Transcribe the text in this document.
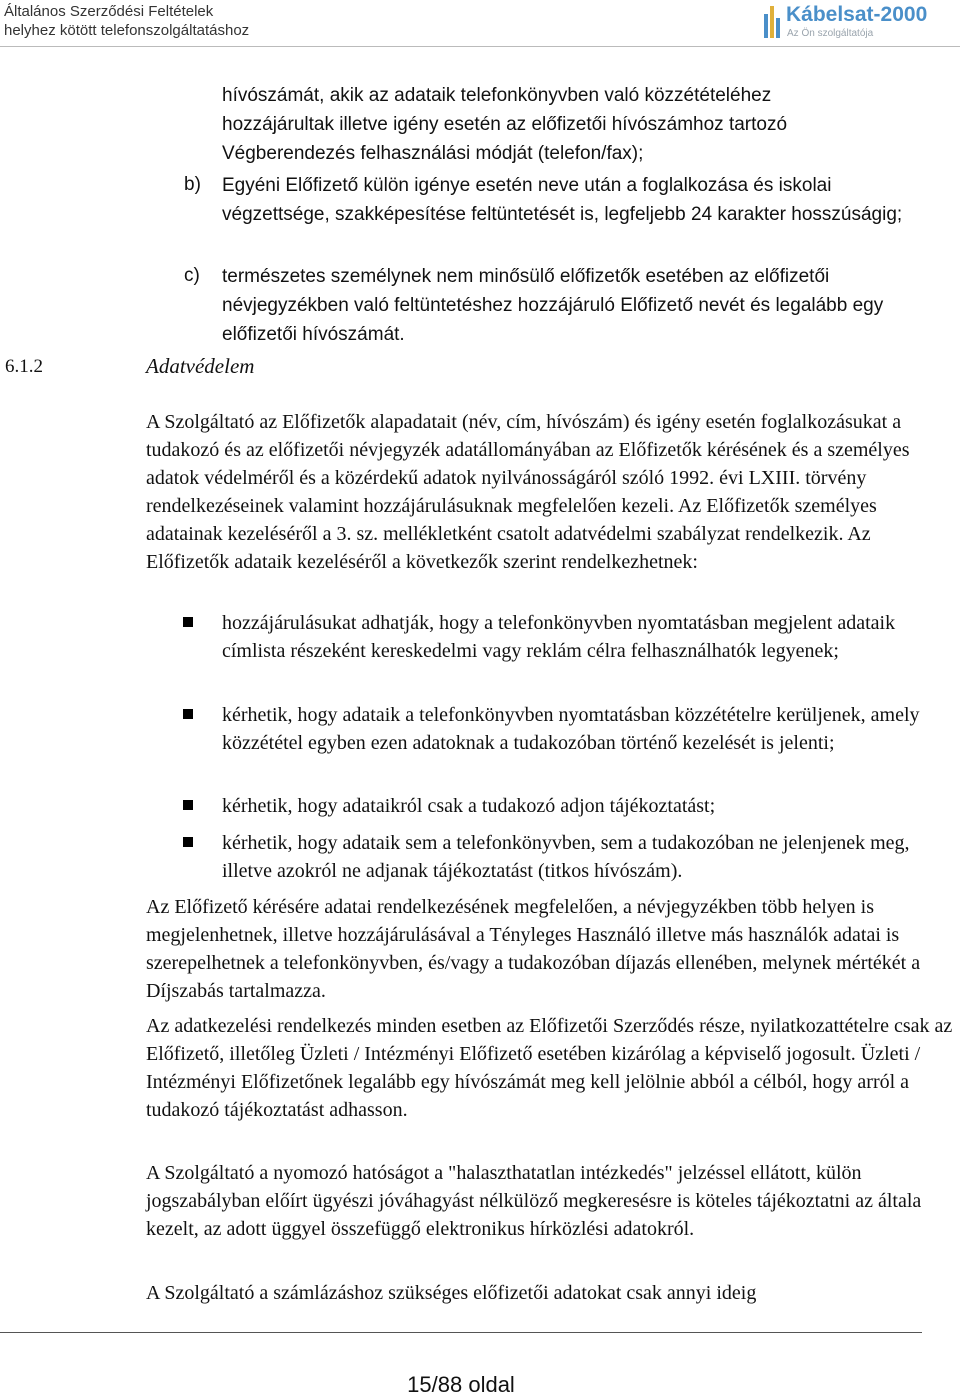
Általános Szerződési Feltételek
helyhez kötött telefonszolgáltatáshoz
Kábelsat-2000
Az Ön szolgáltatója
hívószámát, akik az adataik telefonkönyvben való közzétételéhez hozzájárultak illetve igény esetén az előfizetői hívószámhoz tartozó Végberendezés felhasználási módját (telefon/fax);
b) Egyéni Előfizető külön igénye esetén neve után a foglalkozása és iskolai végzettsége, szakképesítése feltüntetését is, legfeljebb 24 karakter hosszúságig;
c) természetes személynek nem minősülő előfizetők esetében az előfizetői névjegyzékben való feltüntetéshez hozzájáruló Előfizető nevét és legalább egy előfizetői hívószámát.
6.1.2	Adatvédelem

A Szolgáltató az Előfizetők alapadatait (név, cím, hívószám) és igény esetén foglalkozásukat a tudakozó és az előfizetői névjegyzék adatállományában az Előfizetők kérésének és a személyes adatok védelméről és a közérdekű adatok nyilvánosságáról szóló 1992. évi LXIII. törvény rendelkezéseinek valamint hozzájárulásuknak megfelelően kezeli. Az Előfizetők személyes adatainak kezeléséről a 3. sz. mellékletként csatolt adatvédelmi szabályzat rendelkezik. Az Előfizetők adataik kezeléséről a következők szerint rendelkezhetnek:

hozzájárulásukat adhatják, hogy a telefonkönyvben nyomtatásban megjelent adataik címlista részeként kereskedelmi vagy reklám célra felhasználhatók legyenek;

kérhetik, hogy adataik a telefonkönyvben nyomtatásban közzétételre kerüljenek, amely közzététel egyben ezen adatoknak a tudakozóban történő kezelését is jelenti;

kérhetik, hogy adataikról csak a tudakozó adjon tájékoztatást;

kérhetik, hogy adataik sem a telefonkönyvben, sem a tudakozóban ne jelenjenek meg, illetve azokról ne adjanak tájékoztatást (titkos hívószám).

Az Előfizető kérésére adatai rendelkezésének megfelelően, a névjegyzékben több helyen is megjelenhetnek, illetve hozzájárulásával a Tényleges Használó illetve más használók adatai is szerepelhetnek a telefonkönyvben, és/vagy a tudakozóban díjazás ellenében, melynek mértékét a Díjszabás tartalmazza.

Az adatkezelési rendelkezés minden esetben az Előfizetői Szerződés része, nyilatkozattételre csak az Előfizető, illetőleg Üzleti / Intézményi Előfizető esetében kizárólag a képviselő jogosult. Üzleti / Intézményi Előfizetőnek legalább egy hívószámát meg kell jelölnie abból a célból, hogy arról a tudakozó tájékoztatást adhasson.

A Szolgáltató a nyomozó hatóságot a "halaszthatatlan intézkedés" jelzéssel ellátott, külön jogszabályban előírt ügyészi jóváhagyást nélkülöző megkeresésre is köteles tájékoztatni az általa kezelt, az adott üggyel összefüggő elektronikus hírközlési adatokról.

A Szolgáltató a számlázáshoz szükséges előfizetői adatokat csak annyi ideig

15/88 oldal
